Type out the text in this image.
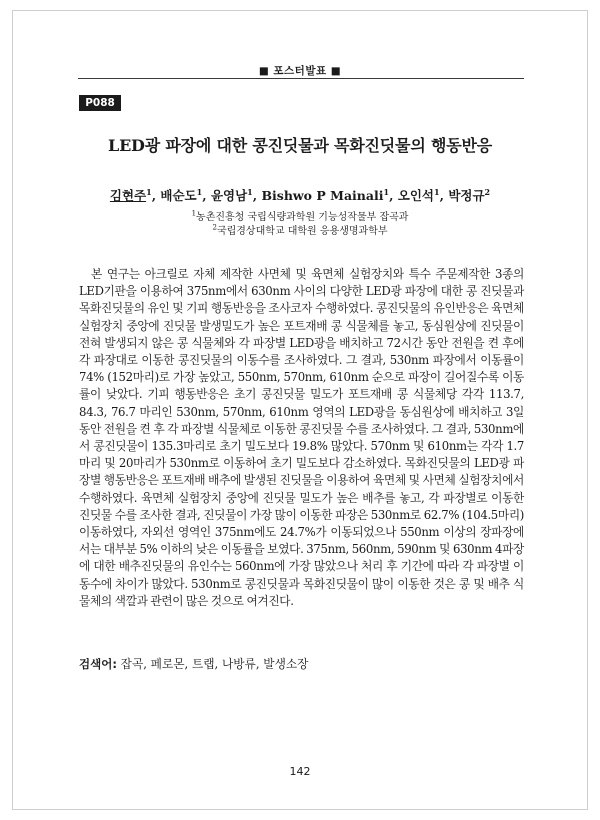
■ 포스터발표 ■
P088
LED광 파장에 대한 콩진딧물과 목화진딧물의 행동반응
김현주$^1$, 배순도$^1$, 윤영남$^1$, Bishwo P Mainali$^1$, 오인석$^1$, 박정규$^2$
$^1$농촌진흥청 국립식량과학원 기능성작물부 잡곡과
$^2$국립경상대학교 대학원 응용생명과학부
본 연구는 아크릴로 자체 제작한 사면체 및 육면체 실험장치와 특수 주문제작한 3종의 LED기판을 이용하여 375nm에서 630nm 사이의 다양한 LED광 파장에 대한 콩 진딧물과 목화진딧물의 유인 및 기피 행동반응을 조사코자 수행하였다. 콩진딧물의 유인반응은 육면체 실험장치 중앙에 진딧물 발생밀도가 높은 포트재배 콩 식물체를 놓고, 동심원상에 진딧물이 전혀 발생되지 않은 콩 식물체와 각 파장별 LED광을 배치하고 72시간 동안 전원을 켠 후에 각 파장대로 이동한 콩진딧물의 이동수를 조사하였다. 그 결과, 530nm 파장에서 이동률이 74% (152마리)로 가장 높았고, 550nm, 570nm, 610nm 순으로 파장이 길어질수록 이동률이 낮았다. 기피 행동반응은 초기 콩진딧물 밀도가 포트재배 콩 식물체당 각각 113.7, 84.3, 76.7 마리인 530nm, 570nm, 610nm 영역의 LED광을 동심원상에 배치하고 3일 동안 전원을 켠 후 각 파장별 식물체로 이동한 콩진딧물 수를 조사하였다. 그 결과, 530nm에서 콩진딧물이 135.3마리로 초기 밀도보다 19.8% 많았다. 570nm 및 610nm는 각각 1.7마리 및 20마리가 530nm로 이동하여 초기 밀도보다 감소하였다. 목화진딧물의 LED광 파장별 행동반응은 포트재배 배추에 발생된 진딧물을 이용하여 육면체 및 사면체 실험장치에서 수행하였다. 육면체 실험장치 중앙에 진딧물 밀도가 높은 배추를 놓고, 각 파장별로 이동한 진딧물 수를 조사한 결과, 진딧물이 가장 많이 이동한 파장은 530nm로 62.7% (104.5마리) 이동하였다, 자외선 영역인 375nm에도 24.7%가 이동되었으나 550nm 이상의 장파장에서는 대부분 5% 이하의 낮은 이동률을 보였다. 375nm, 560nm, 590nm 및 630nm 4파장에 대한 배추진딧물의 유인수는 560nm에 가장 많았으나 처리 후 기간에 따라 각 파장별 이동수에 차이가 많았다. 530nm로 콩진딧물과 목화진딧물이 많이 이동한 것은 콩 및 배추 식물체의 색깔과 관련이 많은 것으로 여겨진다.
검색어: 잡곡, 페로몬, 트랩, 나방류, 발생소장
142
